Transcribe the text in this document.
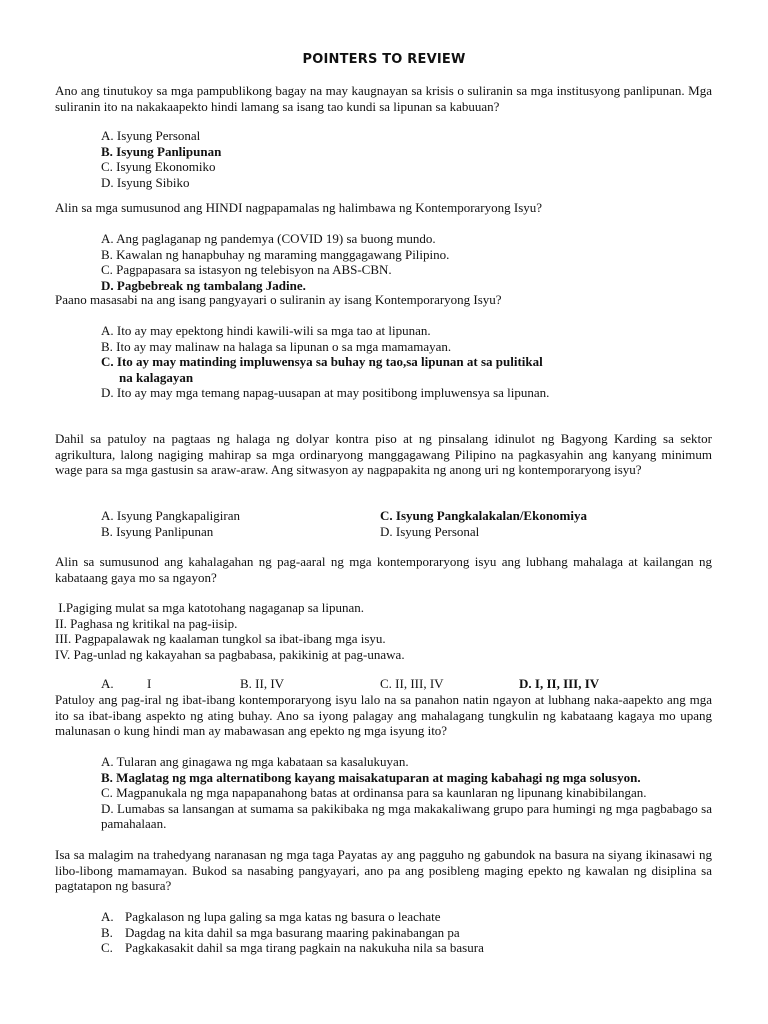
POINTERS TO REVIEW

Ano ang tinutukoy sa mga pampublikong bagay na may kaugnayan sa krisis o suliranin sa mga institusyong panlipunan. Mga suliranin ito na nakakaapekto hindi lamang sa isang tao kundi sa lipunan sa kabuuan?

A. Isyung Personal
B. Isyung Panlipunan
C. Isyung Ekonomiko
D. Isyung Sibiko

Alin sa mga sumusunod ang HINDI nagpapamalas ng halimbawa ng Kontemporaryong Isyu?

A. Ang paglaganap ng pandemya (COVID 19) sa buong mundo.
B. Kawalan ng hanapbuhay ng maraming manggagawang Pilipino.
C. Pagpapasara sa istasyon ng telebisyon na ABS-CBN.
D. Pagbebreak ng tambalang Jadine.

Paano masasabi na ang isang pangyayari o suliranin ay isang Kontemporaryong Isyu?

A. Ito ay may epektong hindi kawili-wili sa mga tao at lipunan.
B. Ito ay may malinaw na halaga sa lipunan o sa mga mamamayan.
C. Ito ay may matinding impluwensya sa buhay ng tao,sa lipunan at sa pulitikal na kalagayan
D. Ito ay may mga temang napag-uusapan at may positibong impluwensya sa lipunan.

Dahil sa patuloy na pagtaas ng halaga ng dolyar kontra piso at ng pinsalang idinulot ng Bagyong Karding sa sektor agrikultura, lalong nagiging mahirap sa mga ordinaryong manggagawang Pilipino na pagkasyahin ang kanyang minimum wage para sa mga gastusin sa araw-araw. Ang sitwasyon ay nagpapakita ng anong uri ng kontemporaryong isyu?

A. Isyung Pangkapaligiran
B. Isyung Panlipunan
C. Isyung Pangkalakalan/Ekonomiya
D. Isyung Personal

Alin sa sumusunod ang kahalagahan ng pag-aaral ng mga kontemporaryong isyu ang lubhang mahalaga at kailangan ng kabataang gaya mo sa ngayon?

I.Pagiging mulat sa mga katotohang nagaganap sa lipunan.
II. Paghasa ng kritikal na pag-iisip.
III. Pagpapalawak ng kaalaman tungkol sa ibat-ibang mga isyu.
IV. Pag-unlad ng kakayahan sa pagbabasa, pakikinig at pag-unawa.
A.	I	B. II, IV	C. II, III, IV	D. I, II, III, IV

Patuloy ang pag-iral ng ibat-ibang kontemporaryong isyu lalo na sa panahon natin ngayon at lubhang naka-aapekto ang mga ito sa ibat-ibang aspekto ng ating buhay. Ano sa iyong palagay ang mahalagang tungkulin ng kabataang kagaya mo upang malunasan o kung hindi man ay mabawasan ang epekto ng mga isyung ito?

A. Tularan ang ginagawa ng mga kabataan sa kasalukuyan.
B. Maglatag ng mga alternatibong kayang maisakatuparan at maging kabahagi ng mga solusyon.
C. Magpanukala ng mga napapanahong batas at ordinansa para sa kaunlaran ng lipunang kinabibilangan.
D. Lumabas sa lansangan at sumama sa pakikibaka ng mga makakaliwang grupo para humingi ng mga pagbabago sa pamahalaan.

Isa sa malagim na trahedyang naranasan ng mga taga Payatas ay ang pagguho ng gabundok na basura na siyang ikinasawi ng libo-libong mamamayan. Bukod sa nasabing pangyayari, ano pa ang posibleng maging epekto ng kawalan ng disiplina sa pagtatapon ng basura?

A. Pagkalason ng lupa galing sa mga katas ng basura o leachate
B. Dagdag na kita dahil sa mga basurang maaring pakinabangan pa
C. Pagkakasakit dahil sa mga tirang pagkain na nakukuha nila sa basura
